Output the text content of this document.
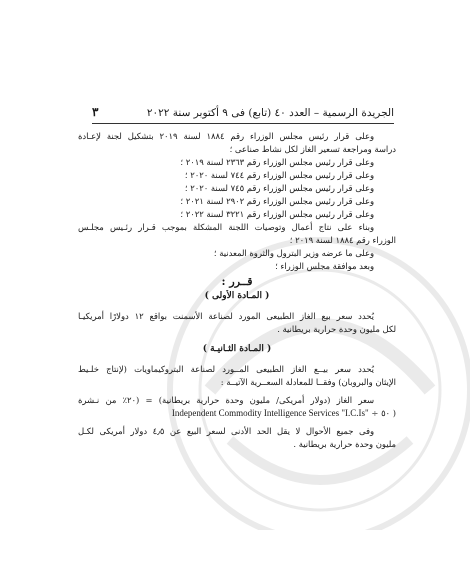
الجريدة الرسمية – العدد ٤٠ (تابع) فى ٩ أكتوبر سنة ٢٠٢٢
٣
وعلى قرار رئيس مجلس الوزراء رقم ١٨٨٤ لسنة ٢٠١٩ بتشكيل لجنة لإعـادة
دراسة ومراجعة تسعير الغاز لكل نشاط صناعى ؛
وعلى قرار رئيس مجلس الوزراء رقم ٢٣٦٣ لسنة ٢٠١٩ ؛
وعلى قرار رئيس مجلس الوزراء رقم ٧٤٤ لسنة ٢٠٢٠ ؛
وعلى قرار رئيس مجلس الوزراء رقم ٧٤٥ لسنة ٢٠٢٠ ؛
وعلى قرار رئيس مجلس الوزراء رقم ٢٩٠٢ لسنة ٢٠٢١ ؛
وعلى قرار رئيس مجلس الوزراء رقم ٣٢٢١ لسنة ٢٠٢٢ ؛
وبناء على نتاج أعمال وتوصيات اللجنة المشكلة بموجب قـرار رئـيس مجلـس
الوزراء رقم ١٨٨٤ لسنة ٢٠١٩ ؛
وعلى ما عرضه وزير البترول والثروة المعدنية ؛
وبعد موافقة مجلس الوزراء ؛
قــرر :
( المـادة الأولى )
يُحدد سعر بيع الغاز الطبيعى المورد لصناعة الأسمنت بواقع ١٢ دولارًا أمريكيـا
لكل مليون وحدة حرارية بريطانية .
( المـادة الثـانيـة )
يُحدد سعر بيــع الغاز الطبيعى المــورد لصناعة البتروكيماويات (لإنتاج خلـيط
الإيثان والبروبان) وفقــا للمعادلة السعــرية الآتيــة :
سعر الغاز (دولار أمريكى/ مليون وحدة حرارية بريطانية) = (٢٠٪ من نـشرة
( ٥٠ ÷ Independent Commodity Intelligence Services "I.C.Is"
وفى جميع الأحوال لا يقل الحد الأدنى لسعر البيع عن ٤٫٥ دولار أمريكى لكـل
مليون وحدة حرارية بريطانية .
